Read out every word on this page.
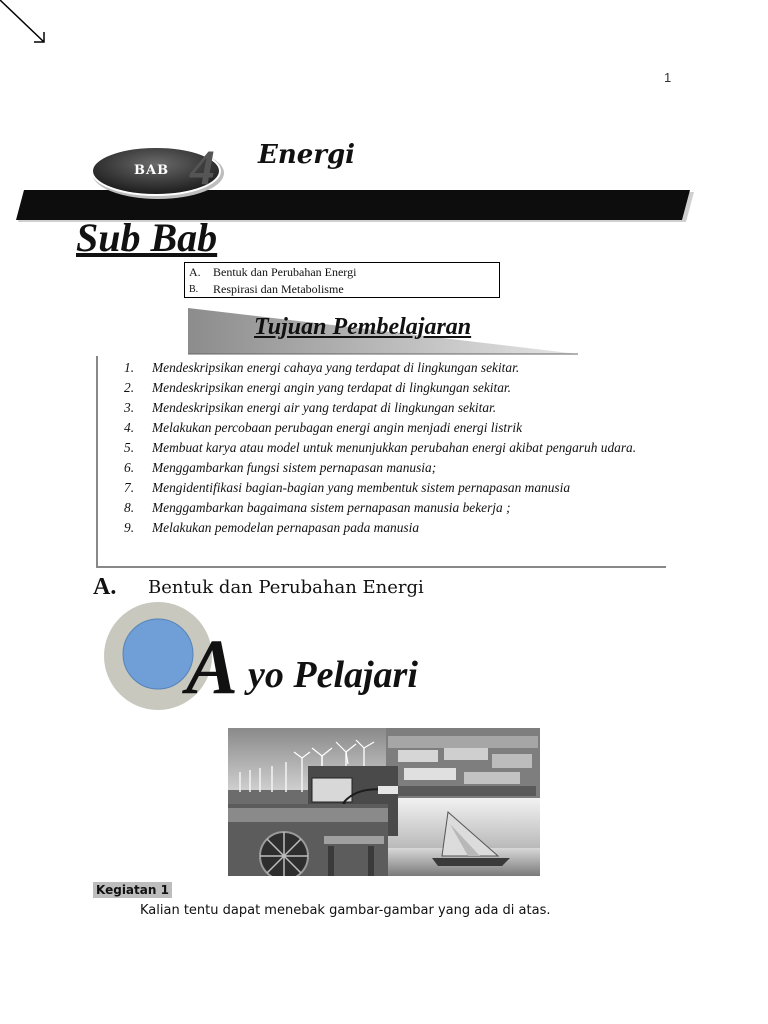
1
4
BAB
Energi
Sub Bab
A.	Bentuk dan Perubahan Energi
B.	Respirasi dan Metabolisme
Tujuan Pembelajaran
1.	Mendeskripsikan energi cahaya yang terdapat di lingkungan sekitar.
2.	Mendeskripsikan energi angin yang terdapat di lingkungan sekitar.
3.	Mendeskripsikan energi air yang terdapat di lingkungan sekitar.
4.	Melakukan percobaan perubagan energi angin menjadi energi listrik
5.	Membuat karya atau model untuk menunjukkan perubahan energi akibat pengaruh udara.
6.	Menggambarkan fungsi sistem pernapasan manusia;
7.	Mengidentifikasi bagian-bagian yang membentuk sistem pernapasan manusia
8.	Menggambarkan bagaimana sistem pernapasan manusia bekerja ;
9.	Melakukan pemodelan pernapasan pada manusia
A. Bentuk dan Perubahan Energi
A yo Pelajari
Kegiatan 1
Kalian tentu dapat menebak gambar-gambar yang ada di atas.
